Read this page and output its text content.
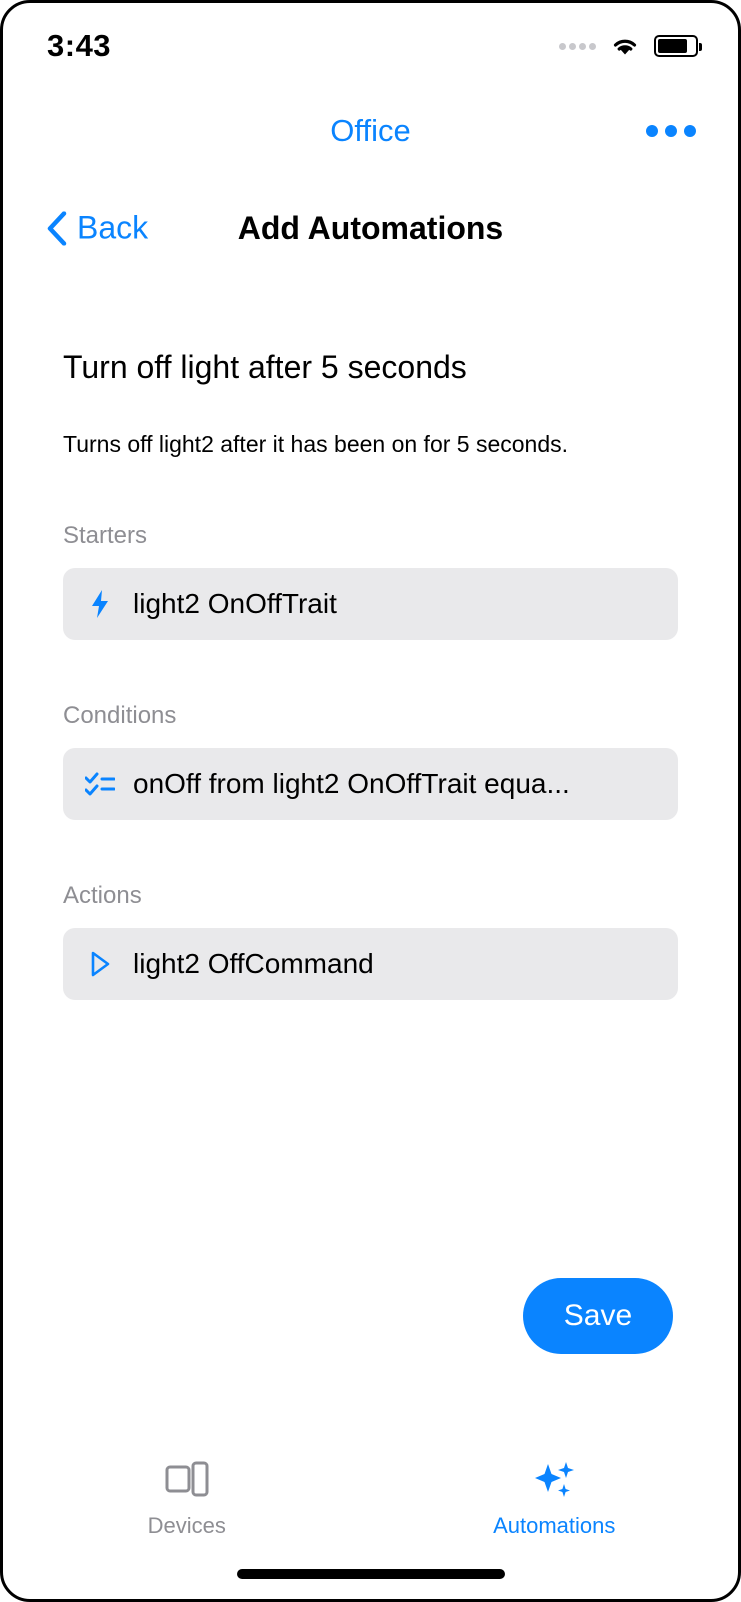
3:43
Office
Back	Add Automations
Turn off light after 5 seconds
Turns off light2 after it has been on for 5 seconds.
Starters
light2 OnOffTrait
Conditions
onOff from light2 OnOffTrait equa...
Actions
light2 OffCommand
Save
Devices	Automations
